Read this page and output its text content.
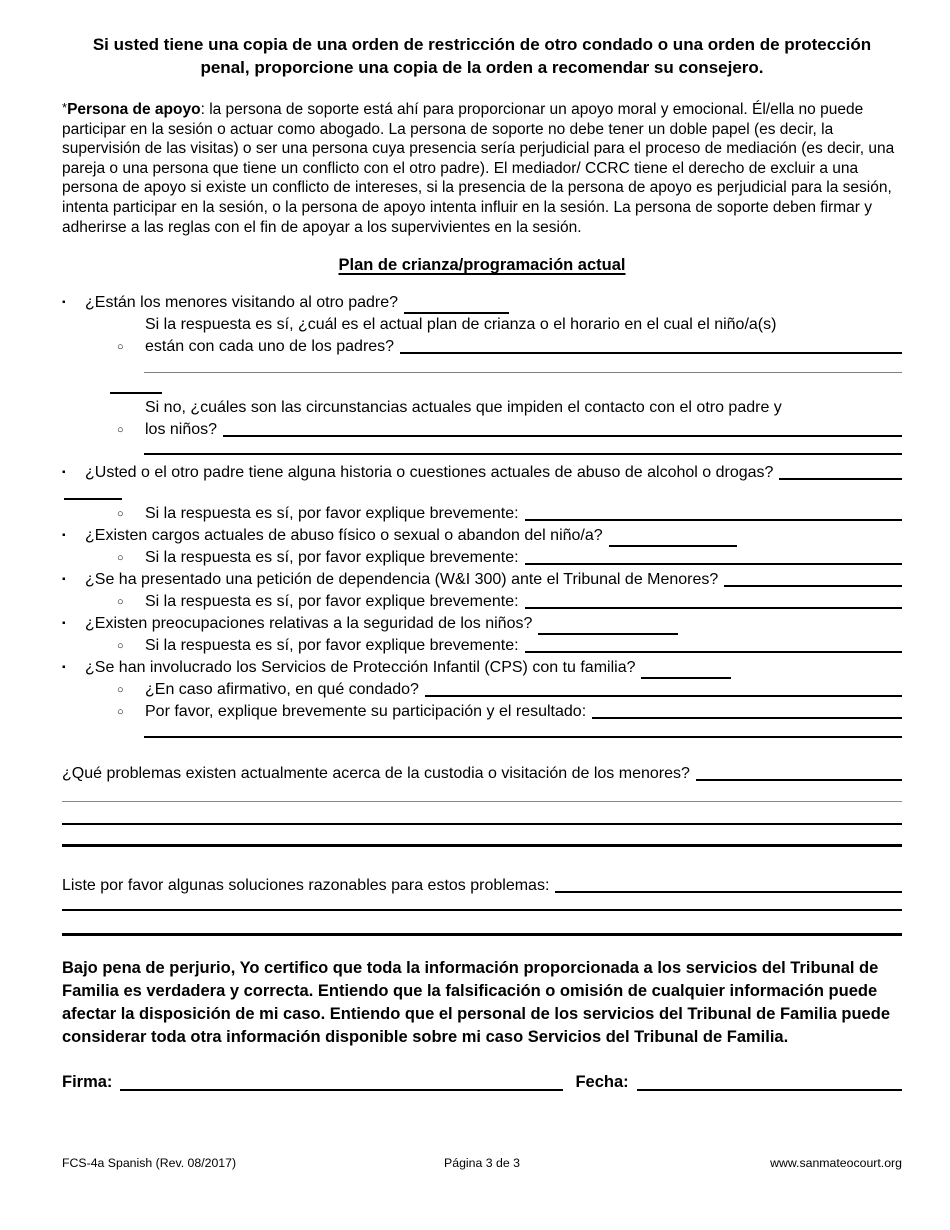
Si usted tiene una copia de una orden de restricción de otro condado o una orden de protección penal, proporcione una copia de la orden a recomendar su consejero.
*Persona de apoyo: la persona de soporte está ahí para proporcionar un apoyo moral y emocional. Él/ella no puede participar en la sesión o actuar como abogado. La persona de soporte no debe tener un doble papel (es decir, la supervisión de las visitas) o ser una persona cuya presencia sería perjudicial para el proceso de mediación (es decir, una pareja o una persona que tiene un conflicto con el otro padre). El mediador/ CCRC tiene el derecho de excluir a una persona de apoyo si existe un conflicto de intereses, si la presencia de la persona de apoyo es perjudicial para la sesión, intenta participar en la sesión, o la persona de apoyo intenta influir en la sesión. La persona de soporte deben firmar y adherirse a las reglas con el fin de apoyar a los supervivientes en la sesión.
Plan de crianza/programación actual
▪	¿Están los menores visitando al otro padre?
○
Si la respuesta es sí, ¿cuál es el actual plan de crianza o el horario en el cual el niño/a(s)

están con cada uno de los padres?
○
Si no, ¿cuáles son las circunstancias actuales que impiden el contacto con el otro padre y

los niños?
▪	¿Usted o el otro padre tiene alguna historia o cuestiones actuales de abuso de alcohol o drogas?
○	Si la respuesta es sí, por favor explique brevemente:
▪	¿Existen cargos actuales de abuso físico o sexual o abandon del niño/a?
○	Si la respuesta es sí, por favor explique brevemente:
▪	¿Se ha presentado una petición de dependencia (W&I 300) ante el Tribunal de Menores?
○	Si la respuesta es sí, por favor explique brevemente:
▪	¿Existen preocupaciones relativas a la seguridad de los niños?
○	Si la respuesta es sí, por favor explique brevemente:
▪	¿Se han involucrado los Servicios de Protección Infantil (CPS) con tu familia?
○	¿En caso afirmativo, en qué condado?
○	Por favor, explique brevemente su participación y el resultado:
¿Qué problemas existen actualmente acerca de la custodia o visitación de los menores?
Liste por favor algunas soluciones razonables para estos problemas:
Bajo pena de perjurio, Yo certifico que toda la información proporcionada a los servicios del Tribunal de Familia es verdadera y correcta. Entiendo que la falsificación o omisión de cualquier información puede afectar la disposición de mi caso. Entiendo que el personal de los servicios del Tribunal de Familia puede considerar toda otra información disponible sobre mi caso Servicios del Tribunal de Familia.
Firma:	Fecha:
Página 3 de 3
FCS-4a Spanish (Rev. 08/2017)	www.sanmateocourt.org
